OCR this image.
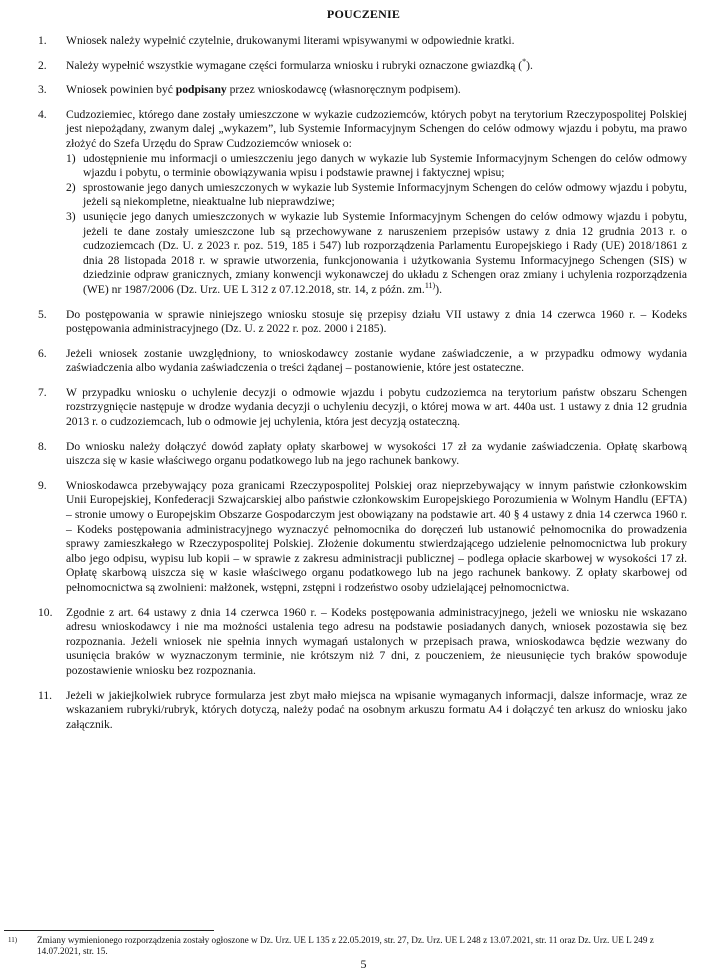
POUCZENIE
1. Wniosek należy wypełnić czytelnie, drukowanymi literami wpisywanymi w odpowiednie kratki.
2. Należy wypełnić wszystkie wymagane części formularza wniosku i rubryki oznaczone gwiazdką (*).
3. Wniosek powinien być podpisany przez wnioskodawcę (własnoręcznym podpisem).
4. Cudzoziemiec, którego dane zostały umieszczone w wykazie cudzoziemców, których pobyt na terytorium Rzeczypospolitej Polskiej jest niepożądany, zwanym dalej „wykazem”, lub Systemie Informacyjnym Schengen do celów odmowy wjazdu i pobytu, ma prawo złożyć do Szefa Urzędu do Spraw Cudzoziemców wniosek o:
1) udostępnienie mu informacji o umieszczeniu jego danych w wykazie lub Systemie Informacyjnym Schengen do celów odmowy wjazdu i pobytu, o terminie obowiązywania wpisu i podstawie prawnej i faktycznej wpisu;
2) sprostowanie jego danych umieszczonych w wykazie lub Systemie Informacyjnym Schengen do celów odmowy wjazdu i pobytu, jeżeli są niekompletne, nieaktualne lub nieprawdziwe;
3) usunięcie jego danych umieszczonych w wykazie lub Systemie Informacyjnym Schengen do celów odmowy wjazdu i pobytu, jeżeli te dane zostały umieszczone lub są przechowywane z naruszeniem przepisów ustawy z dnia 12 grudnia 2013 r. o cudzoziemcach (Dz. U. z 2023 r. poz. 519, 185 i 547) lub rozporządzenia Parlamentu Europejskiego i Rady (UE) 2018/1861 z dnia 28 listopada 2018 r. w sprawie utworzenia, funkcjonowania i użytkowania Systemu Informacyjnego Schengen (SIS) w dziedzinie odpraw granicznych, zmiany konwencji wykonawczej do układu z Schengen oraz zmiany i uchylenia rozporządzenia (WE) nr 1987/2006 (Dz. Urz. UE L 312 z 07.12.2018, str. 14, z późn. zm.$^{11)}$).
5. Do postępowania w sprawie niniejszego wniosku stosuje się przepisy działu VII ustawy z dnia 14 czerwca 1960 r. – Kodeks postępowania administracyjnego (Dz. U. z 2022 r. poz. 2000 i 2185).
6. Jeżeli wniosek zostanie uwzględniony, to wnioskodawcy zostanie wydane zaświadczenie, a w przypadku odmowy wydania zaświadczenia albo wydania zaświadczenia o treści żądanej – postanowienie, które jest ostateczne.
7. W przypadku wniosku o uchylenie decyzji o odmowie wjazdu i pobytu cudzoziemca na terytorium państw obszaru Schengen rozstrzygnięcie następuje w drodze wydania decyzji o uchyleniu decyzji, o której mowa w art. 440a ust. 1 ustawy z dnia 12 grudnia 2013 r. o cudzoziemcach, lub o odmowie jej uchylenia, która jest decyzją ostateczną.
8. Do wniosku należy dołączyć dowód zapłaty opłaty skarbowej w wysokości 17 zł za wydanie zaświadczenia. Opłatę skarbową uiszcza się w kasie właściwego organu podatkowego lub na jego rachunek bankowy.
9. Wnioskodawca przebywający poza granicami Rzeczypospolitej Polskiej oraz nieprzebywający w innym państwie członkowskim Unii Europejskiej, Konfederacji Szwajcarskiej albo państwie członkowskim Europejskiego Porozumienia w Wolnym Handlu (EFTA) – stronie umowy o Europejskim Obszarze Gospodarczym jest obowiązany na podstawie art. 40 § 4 ustawy z dnia 14 czerwca 1960 r. – Kodeks postępowania administracyjnego wyznaczyć pełnomocnika do doręczeń lub ustanowić pełnomocnika do prowadzenia sprawy zamieszkałego w Rzeczypospolitej Polskiej. Złożenie dokumentu stwierdzającego udzielenie pełnomocnictwa lub prokury albo jego odpisu, wypisu lub kopii – w sprawie z zakresu administracji publicznej – podlega opłacie skarbowej w wysokości 17 zł. Opłatę skarbową uiszcza się w kasie właściwego organu podatkowego lub na jego rachunek bankowy. Z opłaty skarbowej od pełnomocnictwa są zwolnieni: małżonek, wstępni, zstępni i rodzeństwo osoby udzielającej pełnomocnictwa.
10. Zgodnie z art. 64 ustawy z dnia 14 czerwca 1960 r. – Kodeks postępowania administracyjnego, jeżeli we wniosku nie wskazano adresu wnioskodawcy i nie ma możności ustalenia tego adresu na podstawie posiadanych danych, wniosek pozostawia się bez rozpoznania. Jeżeli wniosek nie spełnia innych wymagań ustalonych w przepisach prawa, wnioskodawca będzie wezwany do usunięcia braków w wyznaczonym terminie, nie krótszym niż 7 dni, z pouczeniem, że nieusunięcie tych braków spowoduje pozostawienie wniosku bez rozpoznania.
11. Jeżeli w jakiejkolwiek rubryce formularza jest zbyt mało miejsca na wpisanie wymaganych informacji, dalsze informacje, wraz ze wskazaniem rubryki/rubryk, których dotyczą, należy podać na osobnym arkuszu formatu A4 i dołączyć ten arkusz do wniosku jako załącznik.
11) Zmiany wymienionego rozporządzenia zostały ogłoszone w Dz. Urz. UE L 135 z 22.05.2019, str. 27, Dz. Urz. UE L 248 z 13.07.2021, str. 11 oraz Dz. Urz. UE L 249 z 14.07.2021, str. 15.
5
